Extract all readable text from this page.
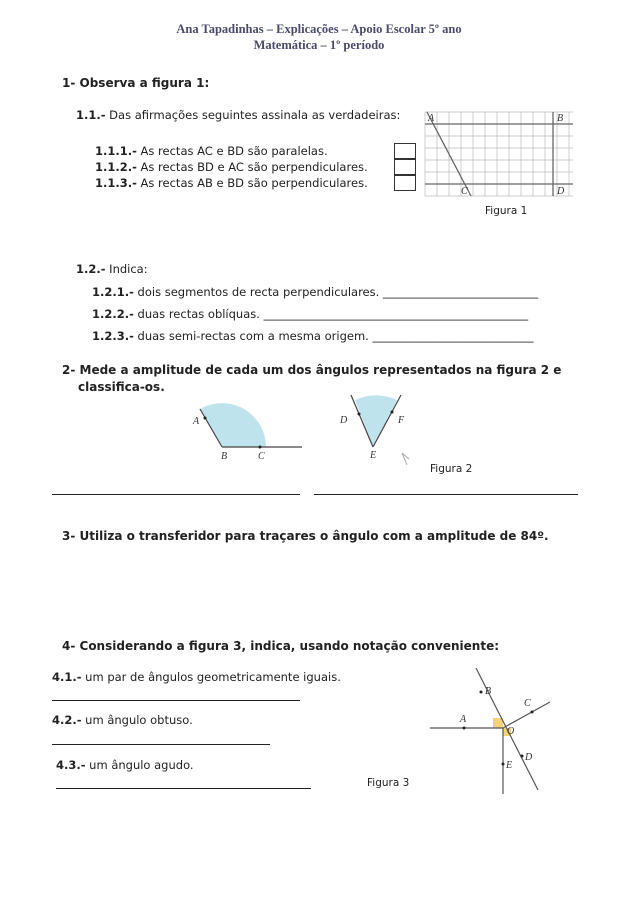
Ana Tapadinhas – Explicações – Apoio Escolar 5º ano
Matemática – 1º período
1- Observa a figura 1:
1.1.- Das afirmações seguintes assinala as verdadeiras:
1.1.1.- As rectas AC e BD são paralelas.
1.1.2.- As rectas BD e AC são perpendiculares.
1.1.3.- As rectas AB e BD são perpendiculares.
A	B
C	D
Figura 1
1.2.- Indica:
1.2.1.- dois segmentos de recta perpendiculares. ___________________________
1.2.2.- duas rectas oblíquas. ______________________________________________
1.2.3.- duas semi-rectas com a mesma origem. ____________________________
2- Mede a amplitude de cada um dos ângulos representados na figura 2 e
classifica-os.
A
B	C
D
E
F
Figura 2
3- Utiliza o transferidor para traçares o ângulo com a amplitude de 84º.
4- Considerando a figura 3, indica, usando notação conveniente:
4.1.- um par de ângulos geometricamente iguais.
4.2.- um ângulo obtuso.
4.3.- um ângulo agudo.
A
B
C
D
E
O
Figura 3
